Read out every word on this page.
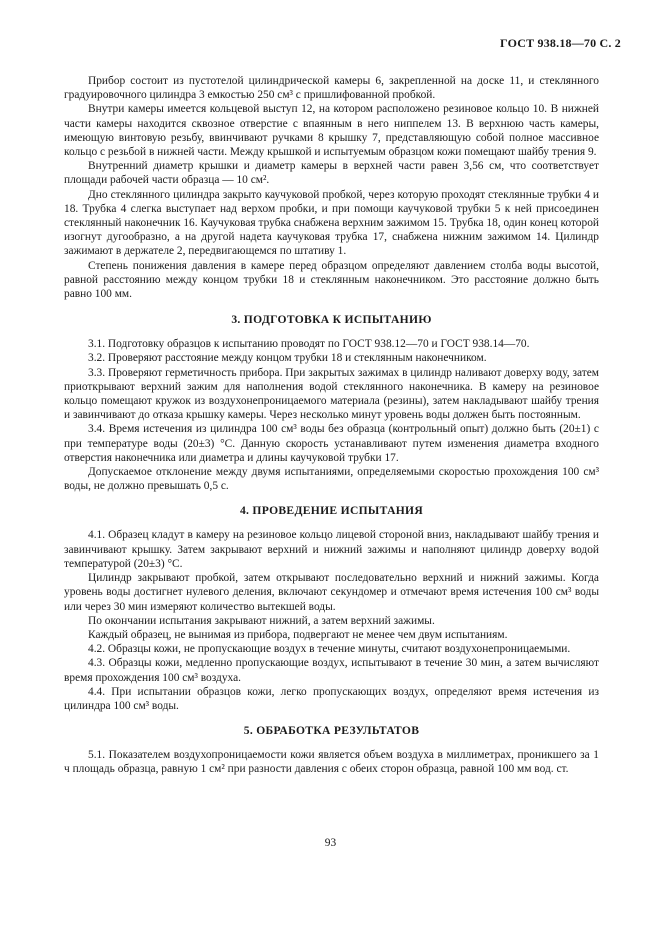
ГОСТ 938.18—70 С. 2

Прибор состоит из пустотелой цилиндрической камеры 6, закрепленной на доске 11, и стеклянного градуировочного цилиндра 3 емкостью 250 см³ с пришлифованной пробкой.

Внутри камеры имеется кольцевой выступ 12, на котором расположено резиновое кольцо 10. В нижней части камеры находится сквозное отверстие с впаянным в него ниппелем 13. В верхнюю часть камеры, имеющую винтовую резьбу, ввинчивают ручками 8 крышку 7, представляющую собой полное массивное кольцо с резьбой в нижней части. Между крышкой и испытуемым образцом кожи помещают шайбу трения 9.

Внутренний диаметр крышки и диаметр камеры в верхней части равен 3,56 см, что соответствует площади рабочей части образца — 10 см².

Дно стеклянного цилиндра закрыто каучуковой пробкой, через которую проходят стеклянные трубки 4 и 18. Трубка 4 слегка выступает над верхом пробки, и при помощи каучуковой трубки 5 к ней присоединен стеклянный наконечник 16. Каучуковая трубка снабжена верхним зажимом 15. Трубка 18, один конец которой изогнут дугообразно, а на другой надета каучуковая трубка 17, снабжена нижним зажимом 14. Цилиндр зажимают в держателе 2, передвигающемся по штативу 1.

Степень понижения давления в камере перед образцом определяют давлением столба воды высотой, равной расстоянию между концом трубки 18 и стеклянным наконечником. Это расстояние должно быть равно 100 мм.

3. ПОДГОТОВКА К ИСПЫТАНИЮ

3.1. Подготовку образцов к испытанию проводят по ГОСТ 938.12—70 и ГОСТ 938.14—70.

3.2. Проверяют расстояние между концом трубки 18 и стеклянным наконечником.

3.3. Проверяют герметичность прибора. При закрытых зажимах в цилиндр наливают доверху воду, затем приоткрывают верхний зажим для наполнения водой стеклянного наконечника. В камеру на резиновое кольцо помещают кружок из воздухонепроницаемого материала (резины), затем накладывают шайбу трения и завинчивают до отказа крышку камеры. Через несколько минут уровень воды должен быть постоянным.

3.4. Время истечения из цилиндра 100 см³ воды без образца (контрольный опыт) должно быть (20±1) с при температуре воды (20±3) °С. Данную скорость устанавливают путем изменения диаметра входного отверстия наконечника или диаметра и длины каучуковой трубки 17.

Допускаемое отклонение между двумя испытаниями, определяемыми скоростью прохождения 100 см³ воды, не должно превышать 0,5 с.

4. ПРОВЕДЕНИЕ ИСПЫТАНИЯ

4.1. Образец кладут в камеру на резиновое кольцо лицевой стороной вниз, накладывают шайбу трения и завинчивают крышку. Затем закрывают верхний и нижний зажимы и наполняют цилиндр доверху водой температурой (20±3) °С.

Цилиндр закрывают пробкой, затем открывают последовательно верхний и нижний зажимы. Когда уровень воды достигнет нулевого деления, включают секундомер и отмечают время истечения 100 см³ воды или через 30 мин измеряют количество вытекшей воды.

По окончании испытания закрывают нижний, а затем верхний зажимы.

Каждый образец, не вынимая из прибора, подвергают не менее чем двум испытаниям.

4.2. Образцы кожи, не пропускающие воздух в течение минуты, считают воздухонепроницаемыми.

4.3. Образцы кожи, медленно пропускающие воздух, испытывают в течение 30 мин, а затем вычисляют время прохождения 100 см³ воздуха.

4.4. При испытании образцов кожи, легко пропускающих воздух, определяют время истечения из цилиндра 100 см³ воды.

5. ОБРАБОТКА РЕЗУЛЬТАТОВ

5.1. Показателем воздухопроницаемости кожи является объем воздуха в миллиметрах, проникшего за 1 ч площадь образца, равную 1 см² при разности давления с обеих сторон образца, равной 100 мм вод. ст.

93
